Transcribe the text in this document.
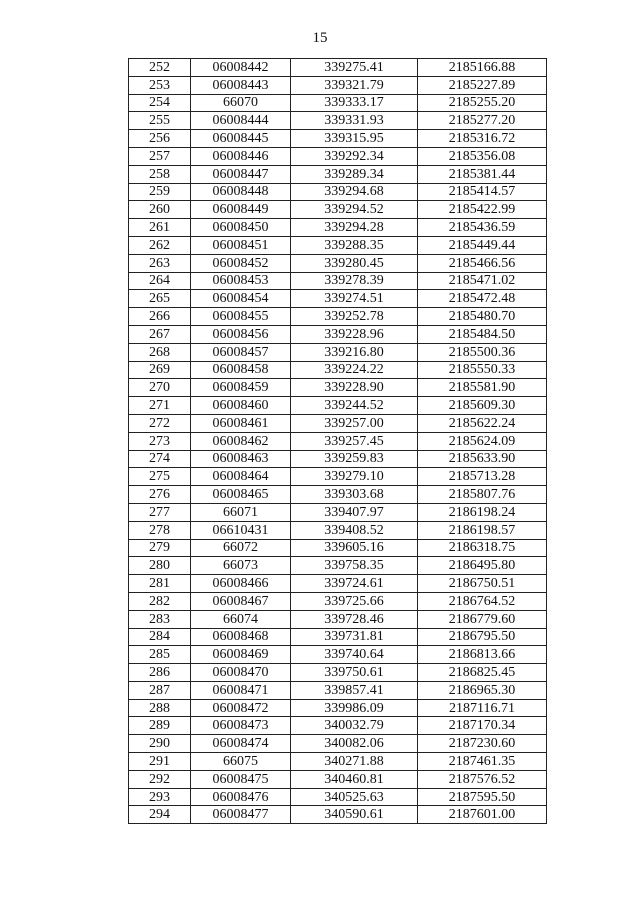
15
252	06008442	339275.41	2185166.88
253	06008443	339321.79	2185227.89
254	66070	339333.17	2185255.20
255	06008444	339331.93	2185277.20
256	06008445	339315.95	2185316.72
257	06008446	339292.34	2185356.08
258	06008447	339289.34	2185381.44
259	06008448	339294.68	2185414.57
260	06008449	339294.52	2185422.99
261	06008450	339294.28	2185436.59
262	06008451	339288.35	2185449.44
263	06008452	339280.45	2185466.56
264	06008453	339278.39	2185471.02
265	06008454	339274.51	2185472.48
266	06008455	339252.78	2185480.70
267	06008456	339228.96	2185484.50
268	06008457	339216.80	2185500.36
269	06008458	339224.22	2185550.33
270	06008459	339228.90	2185581.90
271	06008460	339244.52	2185609.30
272	06008461	339257.00	2185622.24
273	06008462	339257.45	2185624.09
274	06008463	339259.83	2185633.90
275	06008464	339279.10	2185713.28
276	06008465	339303.68	2185807.76
277	66071	339407.97	2186198.24
278	06610431	339408.52	2186198.57
279	66072	339605.16	2186318.75
280	66073	339758.35	2186495.80
281	06008466	339724.61	2186750.51
282	06008467	339725.66	2186764.52
283	66074	339728.46	2186779.60
284	06008468	339731.81	2186795.50
285	06008469	339740.64	2186813.66
286	06008470	339750.61	2186825.45
287	06008471	339857.41	2186965.30
288	06008472	339986.09	2187116.71
289	06008473	340032.79	2187170.34
290	06008474	340082.06	2187230.60
291	66075	340271.88	2187461.35
292	06008475	340460.81	2187576.52
293	06008476	340525.63	2187595.50
294	06008477	340590.61	2187601.00
